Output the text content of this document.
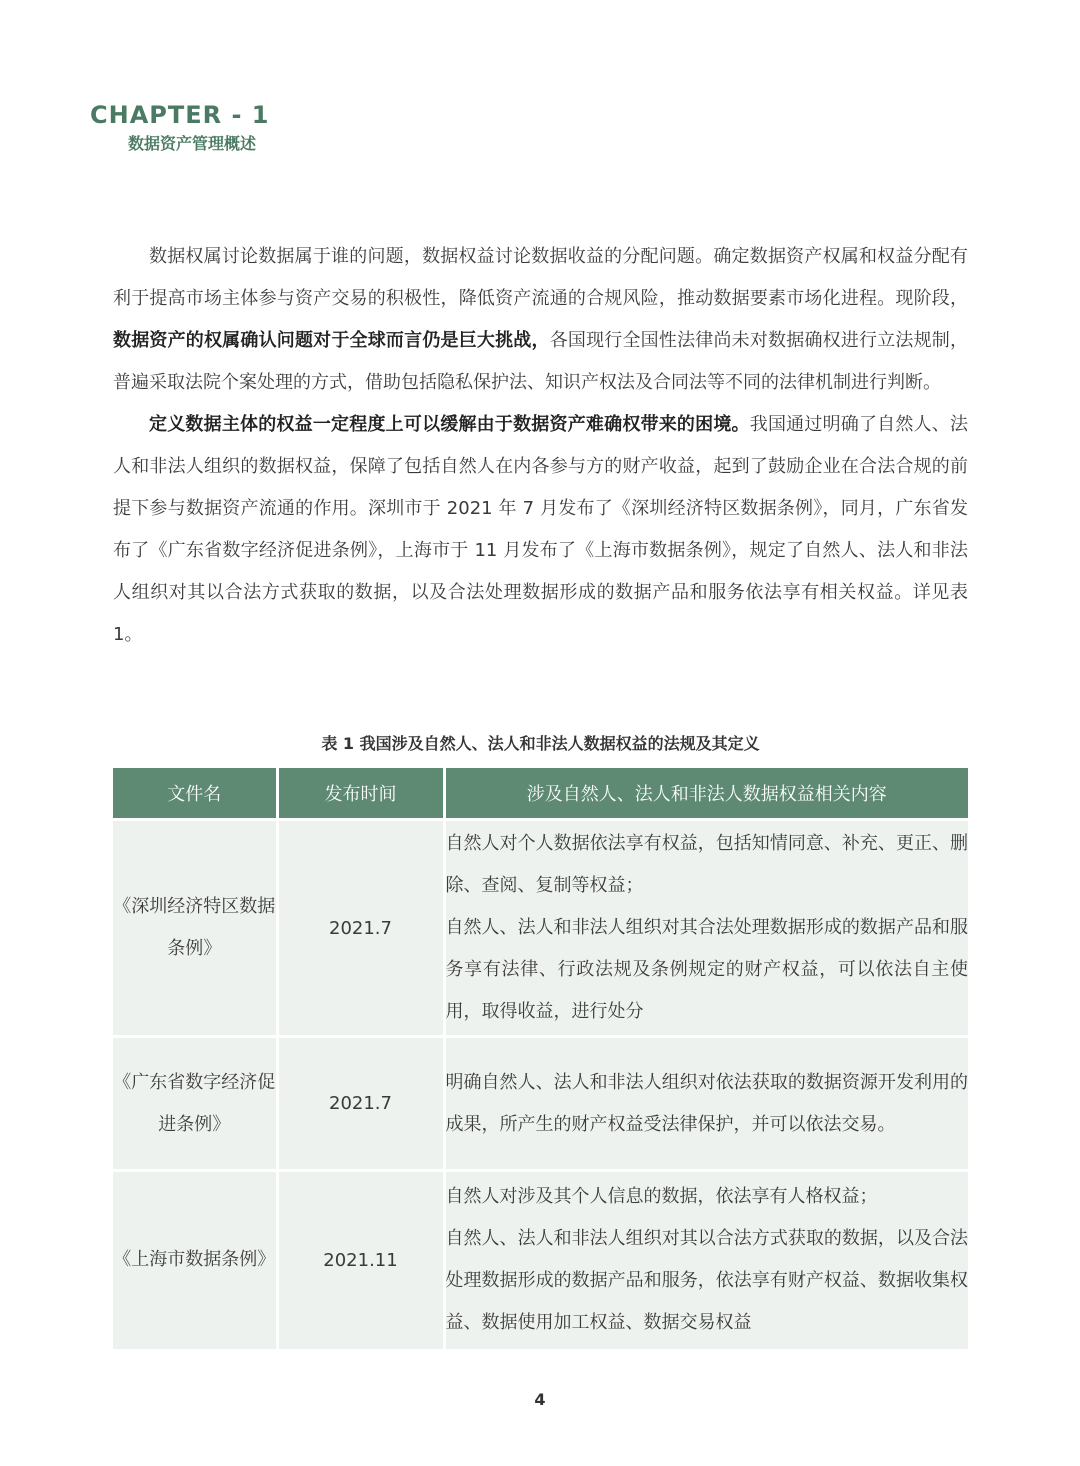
CHAPTER - 1
数据资产管理概述

数据权属讨论数据属于谁的问题，数据权益讨论数据收益的分配问题。确定数据资产权属和权益分配有利于提高市场主体参与资产交易的积极性，降低资产流通的合规风险，推动数据要素市场化进程。现阶段，数据资产的权属确认问题对于全球而言仍是巨大挑战，各国现行全国性法律尚未对数据确权进行立法规制，普遍采取法院个案处理的方式，借助包括隐私保护法、知识产权法及合同法等不同的法律机制进行判断。

定义数据主体的权益一定程度上可以缓解由于数据资产难确权带来的困境。我国通过明确了自然人、法人和非法人组织的数据权益，保障了包括自然人在内各参与方的财产收益，起到了鼓励企业在合法合规的前提下参与数据资产流通的作用。深圳市于 2021 年 7 月发布了《深圳经济特区数据条例》，同月，广东省发布了《广东省数字经济促进条例》，上海市于 11 月发布了《上海市数据条例》，规定了自然人、法人和非法人组织对其以合法方式获取的数据，以及合法处理数据形成的数据产品和服务依法享有相关权益。详见表 1。

表 1 我国涉及自然人、法人和非法人数据权益的法规及其定义
文件名	发布时间	涉及自然人、法人和非法人数据权益相关内容
《深圳经济特区数据条例》	2021.7	自然人对个人数据依法享有权益，包括知情同意、补充、更正、删除、查阅、复制等权益；
自然人、法人和非法人组织对其合法处理数据形成的数据产品和服务享有法律、行政法规及条例规定的财产权益，可以依法自主使用，取得收益，进行处分

《广东省数字经济促进条例》	2021.7	明确自然人、法人和非法人组织对依法获取的数据资源开发利用的成果，所产生的财产权益受法律保护，并可以依法交易。

《上海市数据条例》	2021.11	自然人对涉及其个人信息的数据，依法享有人格权益；
自然人、法人和非法人组织对其以合法方式获取的数据，以及合法处理数据形成的数据产品和服务，依法享有财产权益、数据收集权益、数据使用加工权益、数据交易权益
4
